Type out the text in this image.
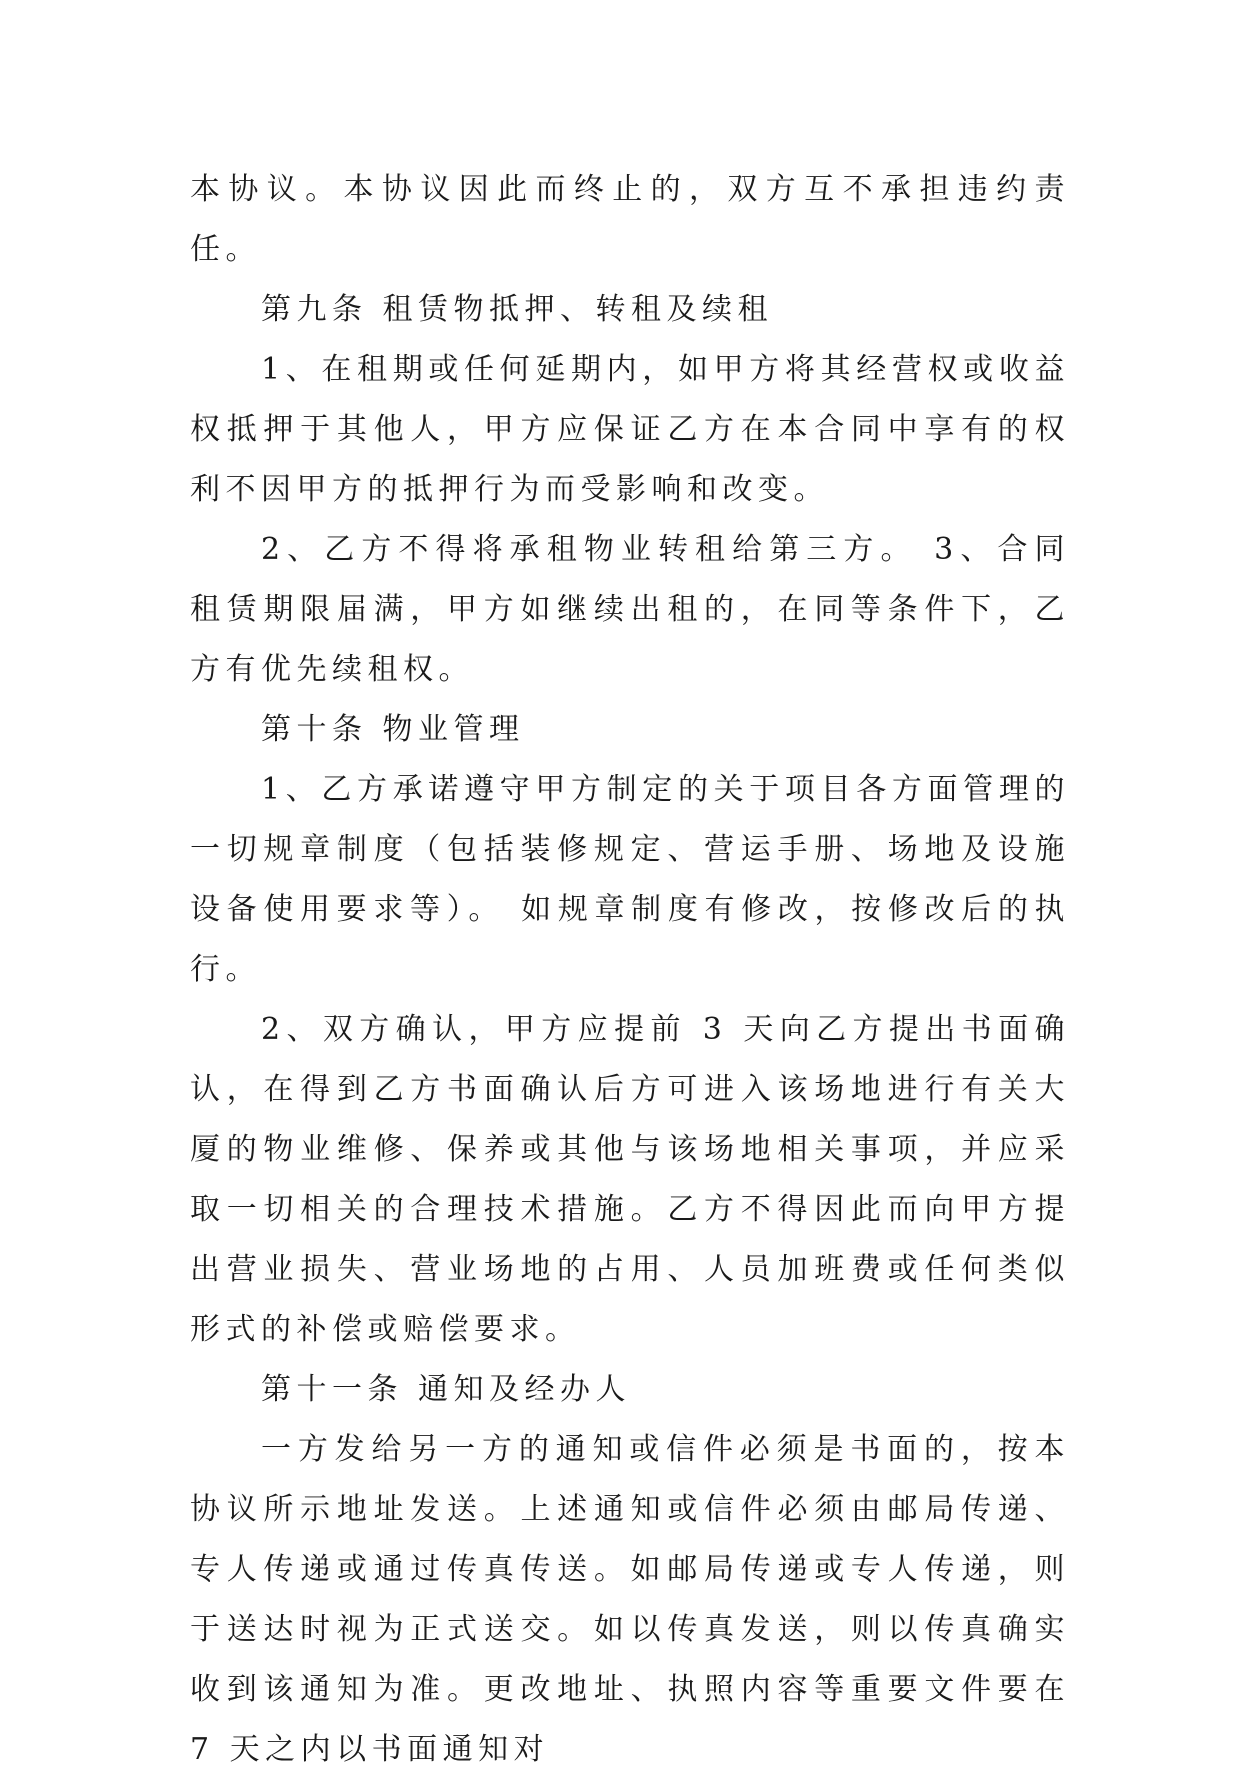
本协议。本协议因此而终止的，双方互不承担违约责任。

第九条 租赁物抵押、转租及续租

1、在租期或任何延期内，如甲方将其经营权或收益权抵押于其他人，甲方应保证乙方在本合同中享有的权利不因甲方的抵押行为而受影响和改变。

2、乙方不得将承租物业转租给第三方。 3、合同租赁期限届满，甲方如继续出租的，在同等条件下，乙方有优先续租权。

第十条 物业管理

1、乙方承诺遵守甲方制定的关于项目各方面管理的一切规章制度（包括装修规定、营运手册、场地及设施设备使用要求等）。 如规章制度有修改，按修改后的执行。

2、双方确认，甲方应提前 3 天向乙方提出书面确认，在得到乙方书面确认后方可进入该场地进行有关大厦的物业维修、保养或其他与该场地相关事项，并应采取一切相关的合理技术措施。乙方不得因此而向甲方提出营业损失、营业场地的占用、人员加班费或任何类似形式的补偿或赔偿要求。

第十一条 通知及经办人

一方发给另一方的通知或信件必须是书面的，按本协议所示地址发送。上述通知或信件必须由邮局传递、专人传递或通过传真传送。如邮局传递或专人传递，则于送达时视为正式送交。如以传真发送，则以传真确实收到该通知为准。更改地址、执照内容等重要文件要在 7 天之内以书面通知对
